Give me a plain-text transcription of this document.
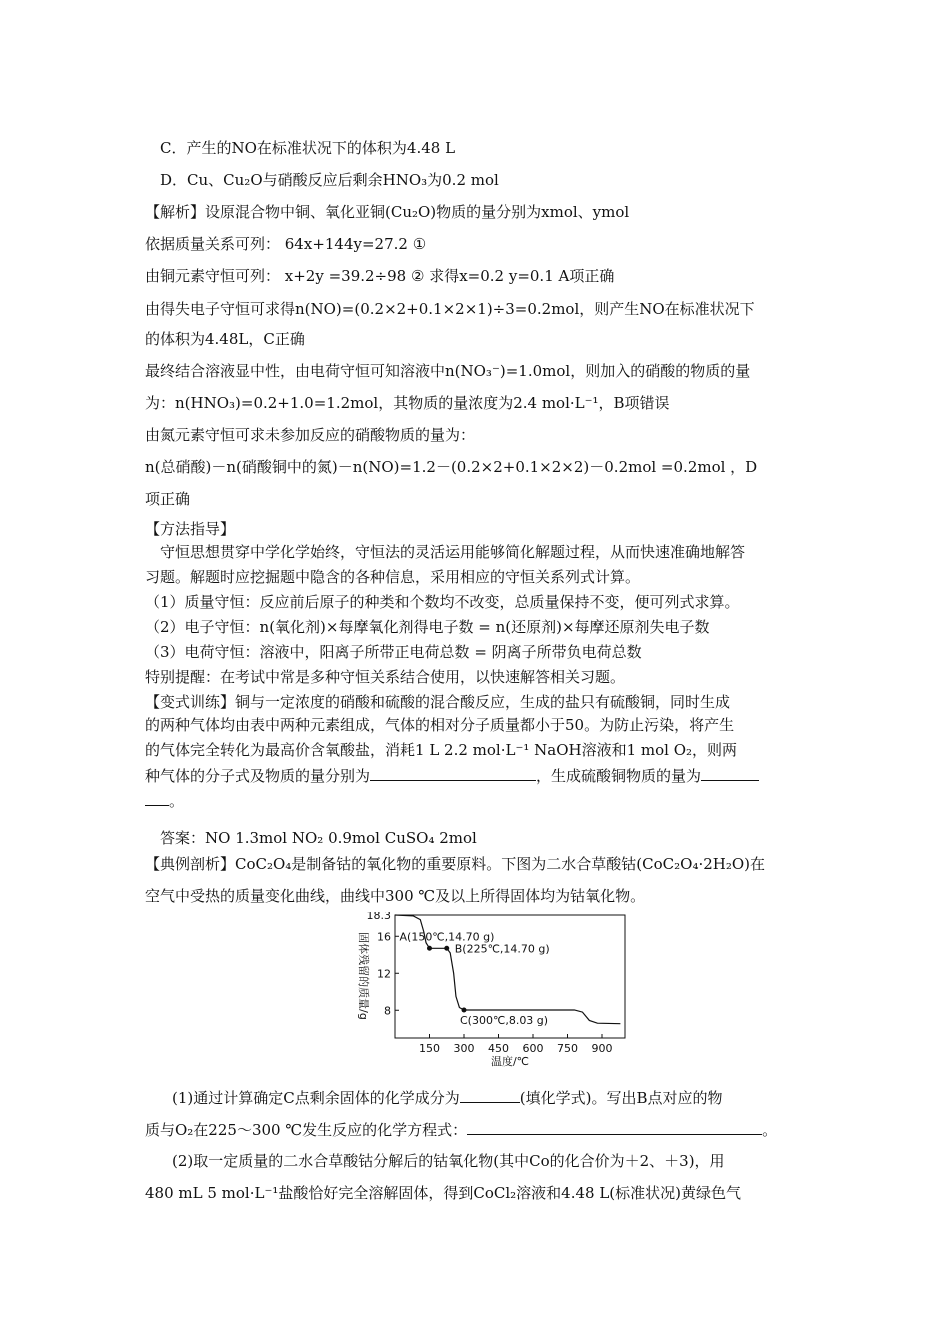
C．产生的NO在标准状况下的体积为4.48 L
D．Cu、Cu₂O与硝酸反应后剩余HNO₃为0.2 mol
【解析】设原混合物中铜、氧化亚铜(Cu₂O)物质的量分别为xmol、ymol
依据质量关系可列： 64x+144y=27.2 ①
由铜元素守恒可列： x+2y =39.2÷98 ② 求得x=0.2 y=0.1 A项正确
由得失电子守恒可求得n(NO)=(0.2×2+0.1×2×1)÷3=0.2mol，则产生NO在标准状况下
的体积为4.48L，C正确
最终结合溶液显中性，由电荷守恒可知溶液中n(NO₃⁻)=1.0mol，则加入的硝酸的物质的量
为：n(HNO₃)=0.2+1.0=1.2mol，其物质的量浓度为2.4 mol·L⁻¹，B项错误
由氮元素守恒可求未参加反应的硝酸物质的量为：
n(总硝酸)－n(硝酸铜中的氮)－n(NO)=1.2－(0.2×2+0.1×2×2)－0.2mol =0.2mol ，D
项正确
【方法指导】
守恒思想贯穿中学化学始终，守恒法的灵活运用能够简化解题过程，从而快速准确地解答
习题。解题时应挖掘题中隐含的各种信息，采用相应的守恒关系列式计算。
（1）质量守恒：反应前后原子的种类和个数均不改变，总质量保持不变，便可列式求算。
（2）电子守恒：n(氧化剂)×每摩氧化剂得电子数 = n(还原剂)×每摩还原剂失电子数
（3）电荷守恒：溶液中，阳离子所带正电荷总数 = 阴离子所带负电荷总数
特别提醒：在考试中常是多种守恒关系结合使用，以快速解答相关习题。
【变式训练】铜与一定浓度的硝酸和硫酸的混合酸反应，生成的盐只有硫酸铜，同时生成
的两种气体均由表中两种元素组成，气体的相对分子质量都小于50。为防止污染，将产生
的气体完全转化为最高价含氧酸盐，消耗1 L 2.2 mol·L⁻¹ NaOH溶液和1 mol O₂，则两
种气体的分子式及物质的量分别为	，生成硫酸铜物质的量为
。
答案：NO 1.3mol NO₂ 0.9mol CuSO₄ 2mol
【典例剖析】CoC₂O₄是制备钴的氧化物的重要原料。下图为二水合草酸钴(CoC₂O₄·2H₂O)在
空气中受热的质量变化曲线，曲线中300 ℃及以上所得固体均为钴氧化物。
150 300 450 600 750 900
8
12
16
18.3
A(150℃,14.70 g)
B(225℃,14.70 g)
C(300℃,8.03 g)
温度/℃
固体残留的质量/g
(1)通过计算确定C点剩余固体的化学成分为	(填化学式)。写出B点对应的物
质与O₂在225～300 ℃发生反应的化学方程式：	。
(2)取一定质量的二水合草酸钴分解后的钴氧化物(其中Co的化合价为＋2、＋3)，用
480 mL 5 mol·L⁻¹盐酸恰好完全溶解固体，得到CoCl₂溶液和4.48 L(标准状况)黄绿色气
